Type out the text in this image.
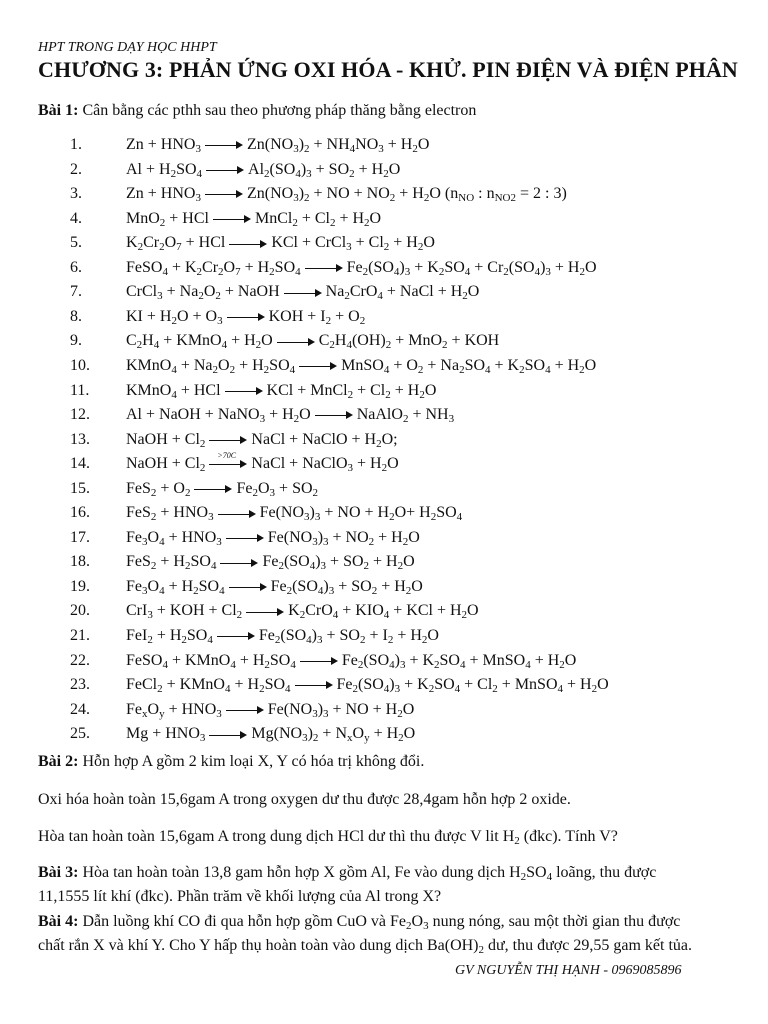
HPT TRONG DẠY HỌC HHPT
CHƯƠNG 3: PHẢN ỨNG OXI HÓA - KHỬ. PIN ĐIỆN VÀ ĐIỆN PHÂN
Bài 1: Cân bằng các pthh sau theo phương pháp thăng bằng electron
1.	$Zn + HNO_3$	$Zn(NO_3)_2 + NH_4NO_3 + H_2O$
2.	$Al + H_2SO_4$	$Al_2(SO_4)_3 + SO_2 + H_2O$
3.	$Zn + HNO_3$	$Zn(NO_3)_2$ + NO + $NO_2 + H_2O$ ($n_{NO}$ : $n_{NO2} = 2$ : 3)
4.	MnO$_2$ + HCl	MnCl$_2$ + $Cl_2 + H_2O$
5.	$K_2Cr_2O_7$ + HCl	KCl + CrCl$_3$ + $Cl_2 + H_2O$
6.	FeSO$_4$ + $K_2Cr_2O_7 + H_2SO_4$	$Fe_2(SO_4)_3 + K_2SO_4 + Cr_2(SO_4)_3 + H_2O$
7.	CrCl$_3$ + $Na_2O_2$ + NaOH	$Na_2CrO_4$ + NaCl + $H_2O$
8.	KI + $H_2O + O_3$	KOH + $I_2 + O_2$
9.	$C_2H_4$ + KMnO$_4$ + $H_2O$	$C_2H_4(OH)_2 + MnO_2$ + KOH
10. KMnO$_4$ + $Na_2O_2 + H_2SO_4$	MnSO$_4$ + $O_2 + Na_2SO_4 + K_2SO_4 + H_2O$
11. KMnO$_4$ + HCl	KCl + MnCl$_2$ + $Cl_2 + H_2O$
12. Al + NaOH + NaNO$_3$ + $H_2O$	NaAlO$_2$ + $NH_3$
13. NaOH + $Cl_2$	NaCl + NaClO + $H_2O$;
14. NaOH + $Cl_2$
>70C NaCl + NaClO$_3$ + $H_2O$
15. $FeS_2 + O_2$	$Fe_2O_3 + SO_2$
16. $FeS_2 + HNO_3$	$Fe(NO_3)_3$ + NO + $H_2O+ H_2SO_4$
17. $Fe_3O_4 + HNO_3$	$Fe(NO_3)_3 + NO_2 + H_2O$
18. $FeS_2 + H_2SO_4$	$Fe_2(SO_4)_3 + SO_2 + H_2O$
19. $Fe_3O_4 + H_2SO_4$	$Fe_2(SO_4)_3 + SO_2 + H_2O$
20. CrI$_3$ + KOH + $Cl_2$	$K_2CrO_4 + KIO_4$ + KCl + $H_2O$
21. $FeI_2 + H_2SO_4$	$Fe_2(SO_4)_3 + SO_2 + I_2 + H_2O$
22. FeSO$_4$ + KMnO$_4$ + $H_2SO_4$	$Fe_2(SO_4)_3 + K_2SO_4$ + MnSO$_4$ + $H_2O$
23. FeCl$_2$ + KMnO$_4$ + $H_2SO_4$	$Fe_2(SO_4)_3 + K_2SO_4 + Cl_2$ + MnSO$_4$ + $H_2O$
24. $Fe_xO_y + HNO_3$	$Fe(NO_3)_3$ + NO + $H_2O$
25. $Mg + HNO_3$	$Mg(NO_3)_2 + N_xO_y + H_2O$
Bài 2: Hỗn hợp A gồm 2 kim loại X, Y có hóa trị không đổi.
Oxi hóa hoàn toàn 15,6gam A trong oxygen dư thu được 28,4gam hỗn hợp 2 oxide.
Hòa tan hoàn toàn 15,6gam A trong dung dịch HCl dư thì thu được V lit $H_2$ (đkc). Tính V?
Bài 3: Hòa tan hoàn toàn 13,8 gam hỗn hợp X gồm Al, Fe vào dung dịch $H_2SO_4$ loãng, thu được
11,1555 lít khí (đkc). Phần trăm về khối lượng của Al trong X?
Bài 4: Dẫn luồng khí CO đi qua hỗn hợp gồm CuO và $Fe_2O_3$ nung nóng, sau một thời gian thu được
chất rắn X và khí Y. Cho Y hấp thụ hoàn toàn vào dung dịch $Ba(OH)_2$ dư, thu được 29,55 gam kết tủa.
GV NGUYỄN THỊ HẠNH - 0969085896
